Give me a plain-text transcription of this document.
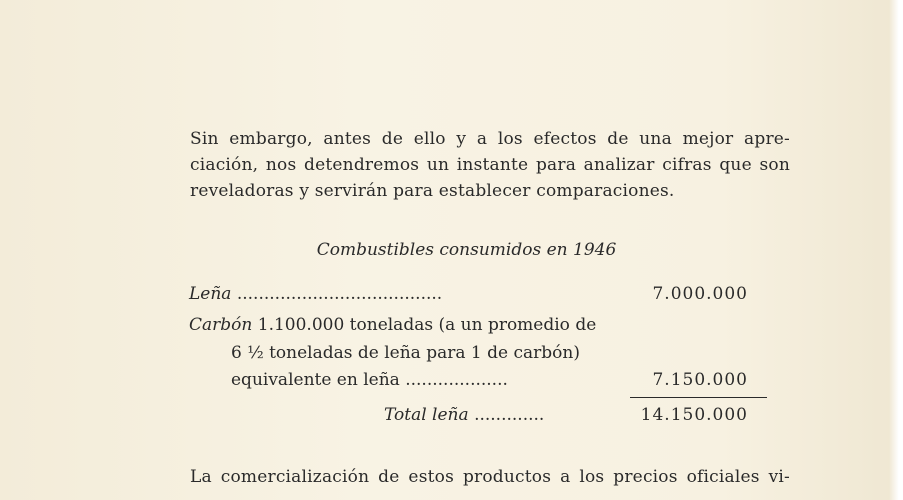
Sin embargo, antes de ello y a los efectos de una mejor apre-
ciación, nos detendremos un instante para analizar cifras que son
reveladoras y servirán para establecer comparaciones.
Combustibles consumidos en 1946
Leña ......................................	7.000.000
Carbón 1.100.000 toneladas (a un promedio de
6 ½ toneladas de leña para 1 de carbón)
equivalente en leña ...................	7.150.000
Total leña .............	14.150.000
La comercialización de estos productos a los precios oficiales vi-
